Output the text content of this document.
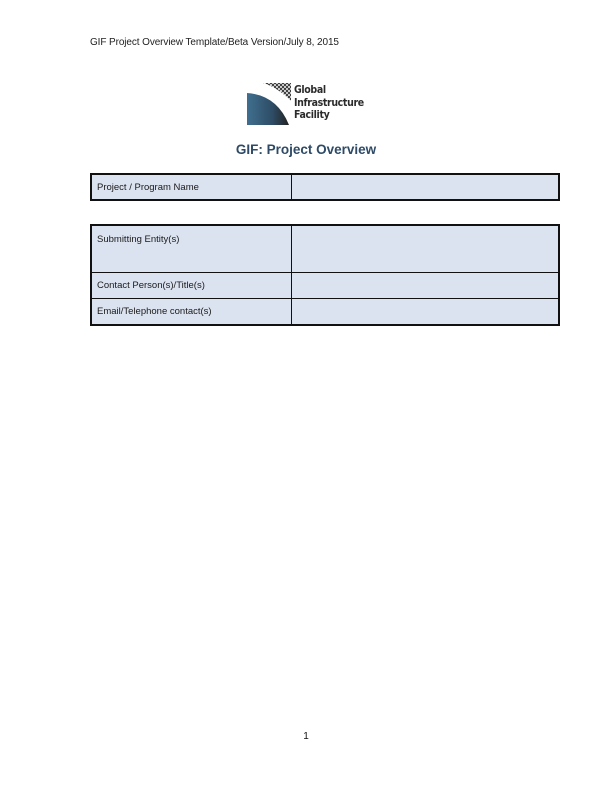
GIF Project Overview Template/Beta Version/July 8, 2015
Global
Infrastructure
Facility
GIF: Project Overview
Project / Program Name	
Submitting Entity(s)	
Contact Person(s)/Title(s)	
Email/Telephone contact(s)	
1
